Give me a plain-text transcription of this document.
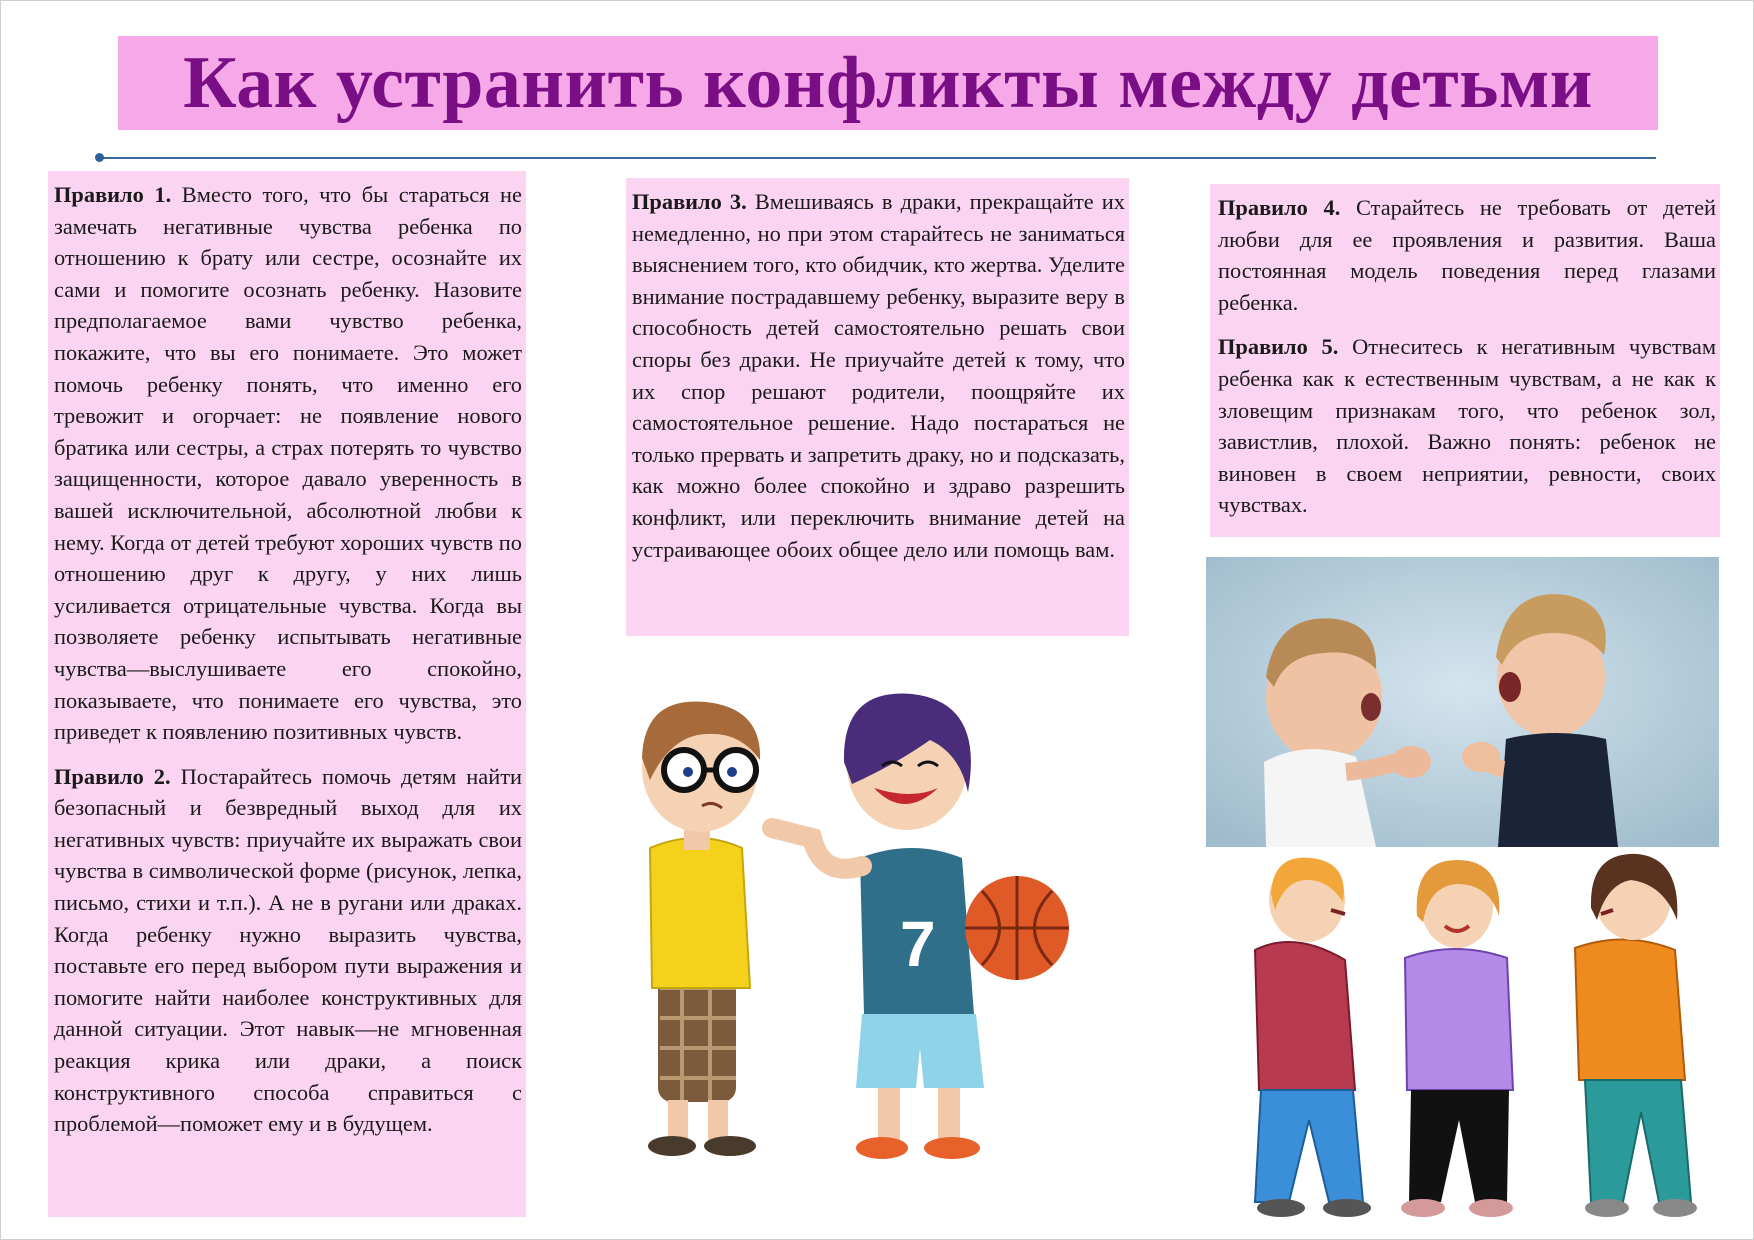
Как устранить конфликты между детьми

Правило 1. Вместо того, что бы стараться не замечать негативные чувства ребенка по отношению к брату или сестре, осознайте их сами и помогите осознать ребенку. Назовите предполагаемое вами чувство ребенка, покажите, что вы его понимаете. Это может помочь ребенку понять, что именно его тревожит и огорчает: не появление нового братика или сестры, а страх потерять то чувство защищенности, которое давало уверенность в вашей исключительной, абсолютной любви к нему. Когда от детей требуют хороших чувств по отношению друг к другу, у них лишь усиливается отрицательные чувства. Когда вы позволяете ребенку испытывать негативные чувства—выслушиваете его спокойно, показываете, что понимаете его чувства, это приведет к появлению позитивных чувств.

Правило 2. Постарайтесь помочь детям найти безопасный и безвредный выход для их негативных чувств: приучайте их выражать свои чувства в символической форме (рисунок, лепка, письмо, стихи и т.п.). А не в ругани или драках. Когда ребенку нужно выразить чувства, поставьте его перед выбором пути выражения и помогите найти наиболее конструктивных для данной ситуации. Этот навык—не мгновенная реакция крика или драки, а поиск конструктивного способа справиться с проблемой—поможет ему и в будущем.

Правило 3. Вмешиваясь в драки, прекращайте их немедленно, но при этом старайтесь не заниматься выяснением того, кто обидчик, кто жертва. Уделите внимание пострадавшему ребенку, выразите веру в способность детей самостоятельно решать свои споры без драки. Не приучайте детей к тому, что их спор решают родители, поощряйте их самостоятельное решение. Надо постараться не только прервать и запретить драку, но и подсказать, как можно более спокойно и здраво разрешить конфликт, или переключить внимание детей на устраивающее обоих общее дело или помощь вам.

Правило 4. Старайтесь не требовать от детей любви для ее проявления и развития. Ваша постоянная модель поведения перед глазами ребенка.

Правило 5. Отнеситесь к негативным чувствам ребенка как к естественным чувствам, а не как к зловещим признакам того, что ребенок зол, завистлив, плохой. Важно понять: ребенок не виновен в своем неприятии, ревности, своих чувствах.

7
